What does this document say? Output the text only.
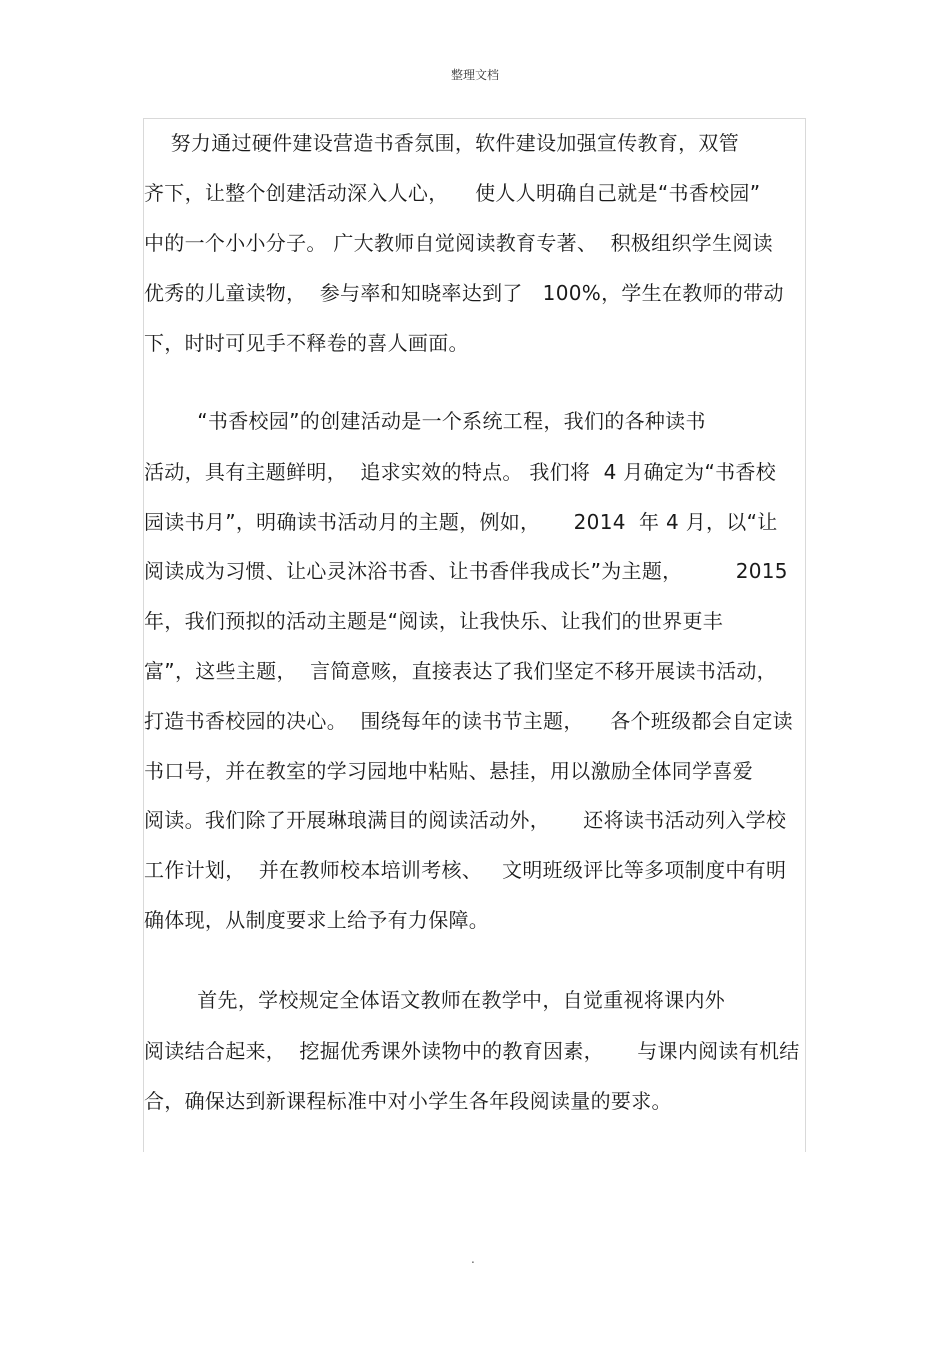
整理文档
努力通过硬件建设营造书香氛围，软件建设加强宣传教育，双管
齐下，让整个创建活动深入人心，    使人人明确自己就是“书香校园”
中的一个小小分子。 广大教师自觉阅读教育专著、  积极组织学生阅读
优秀的儿童读物，  参与率和知晓率达到了   100%，学生在教师的带动
下，时时可见手不释卷的喜人画面。
“书香校园”的创建活动是一个系统工程，我们的各种读书
活动，具有主题鲜明，  追求实效的特点。 我们将  4 月确定为“书香校
园读书月”，明确读书活动月的主题，例如，     2014  年 4 月，以“让
阅读成为习惯、让心灵沐浴书香、让书香伴我成长”为主题，        2015
年，我们预拟的活动主题是“阅读，让我快乐、让我们的世界更丰
富”，这些主题，  言简意赅，直接表达了我们坚定不移开展读书活动，
打造书香校园的决心。  围绕每年的读书节主题，    各个班级都会自定读
书口号，并在教室的学习园地中粘贴、悬挂，用以激励全体同学喜爱
阅读。我们除了开展琳琅满目的阅读活动外，     还将读书活动列入学校
工作计划，  并在教师校本培训考核、   文明班级评比等多项制度中有明
确体现，从制度要求上给予有力保障。
首先，学校规定全体语文教师在教学中，自觉重视将课内外
阅读结合起来，  挖掘优秀课外读物中的教育因素，     与课内阅读有机结
合，确保达到新课程标准中对小学生各年段阅读量的要求。
.
